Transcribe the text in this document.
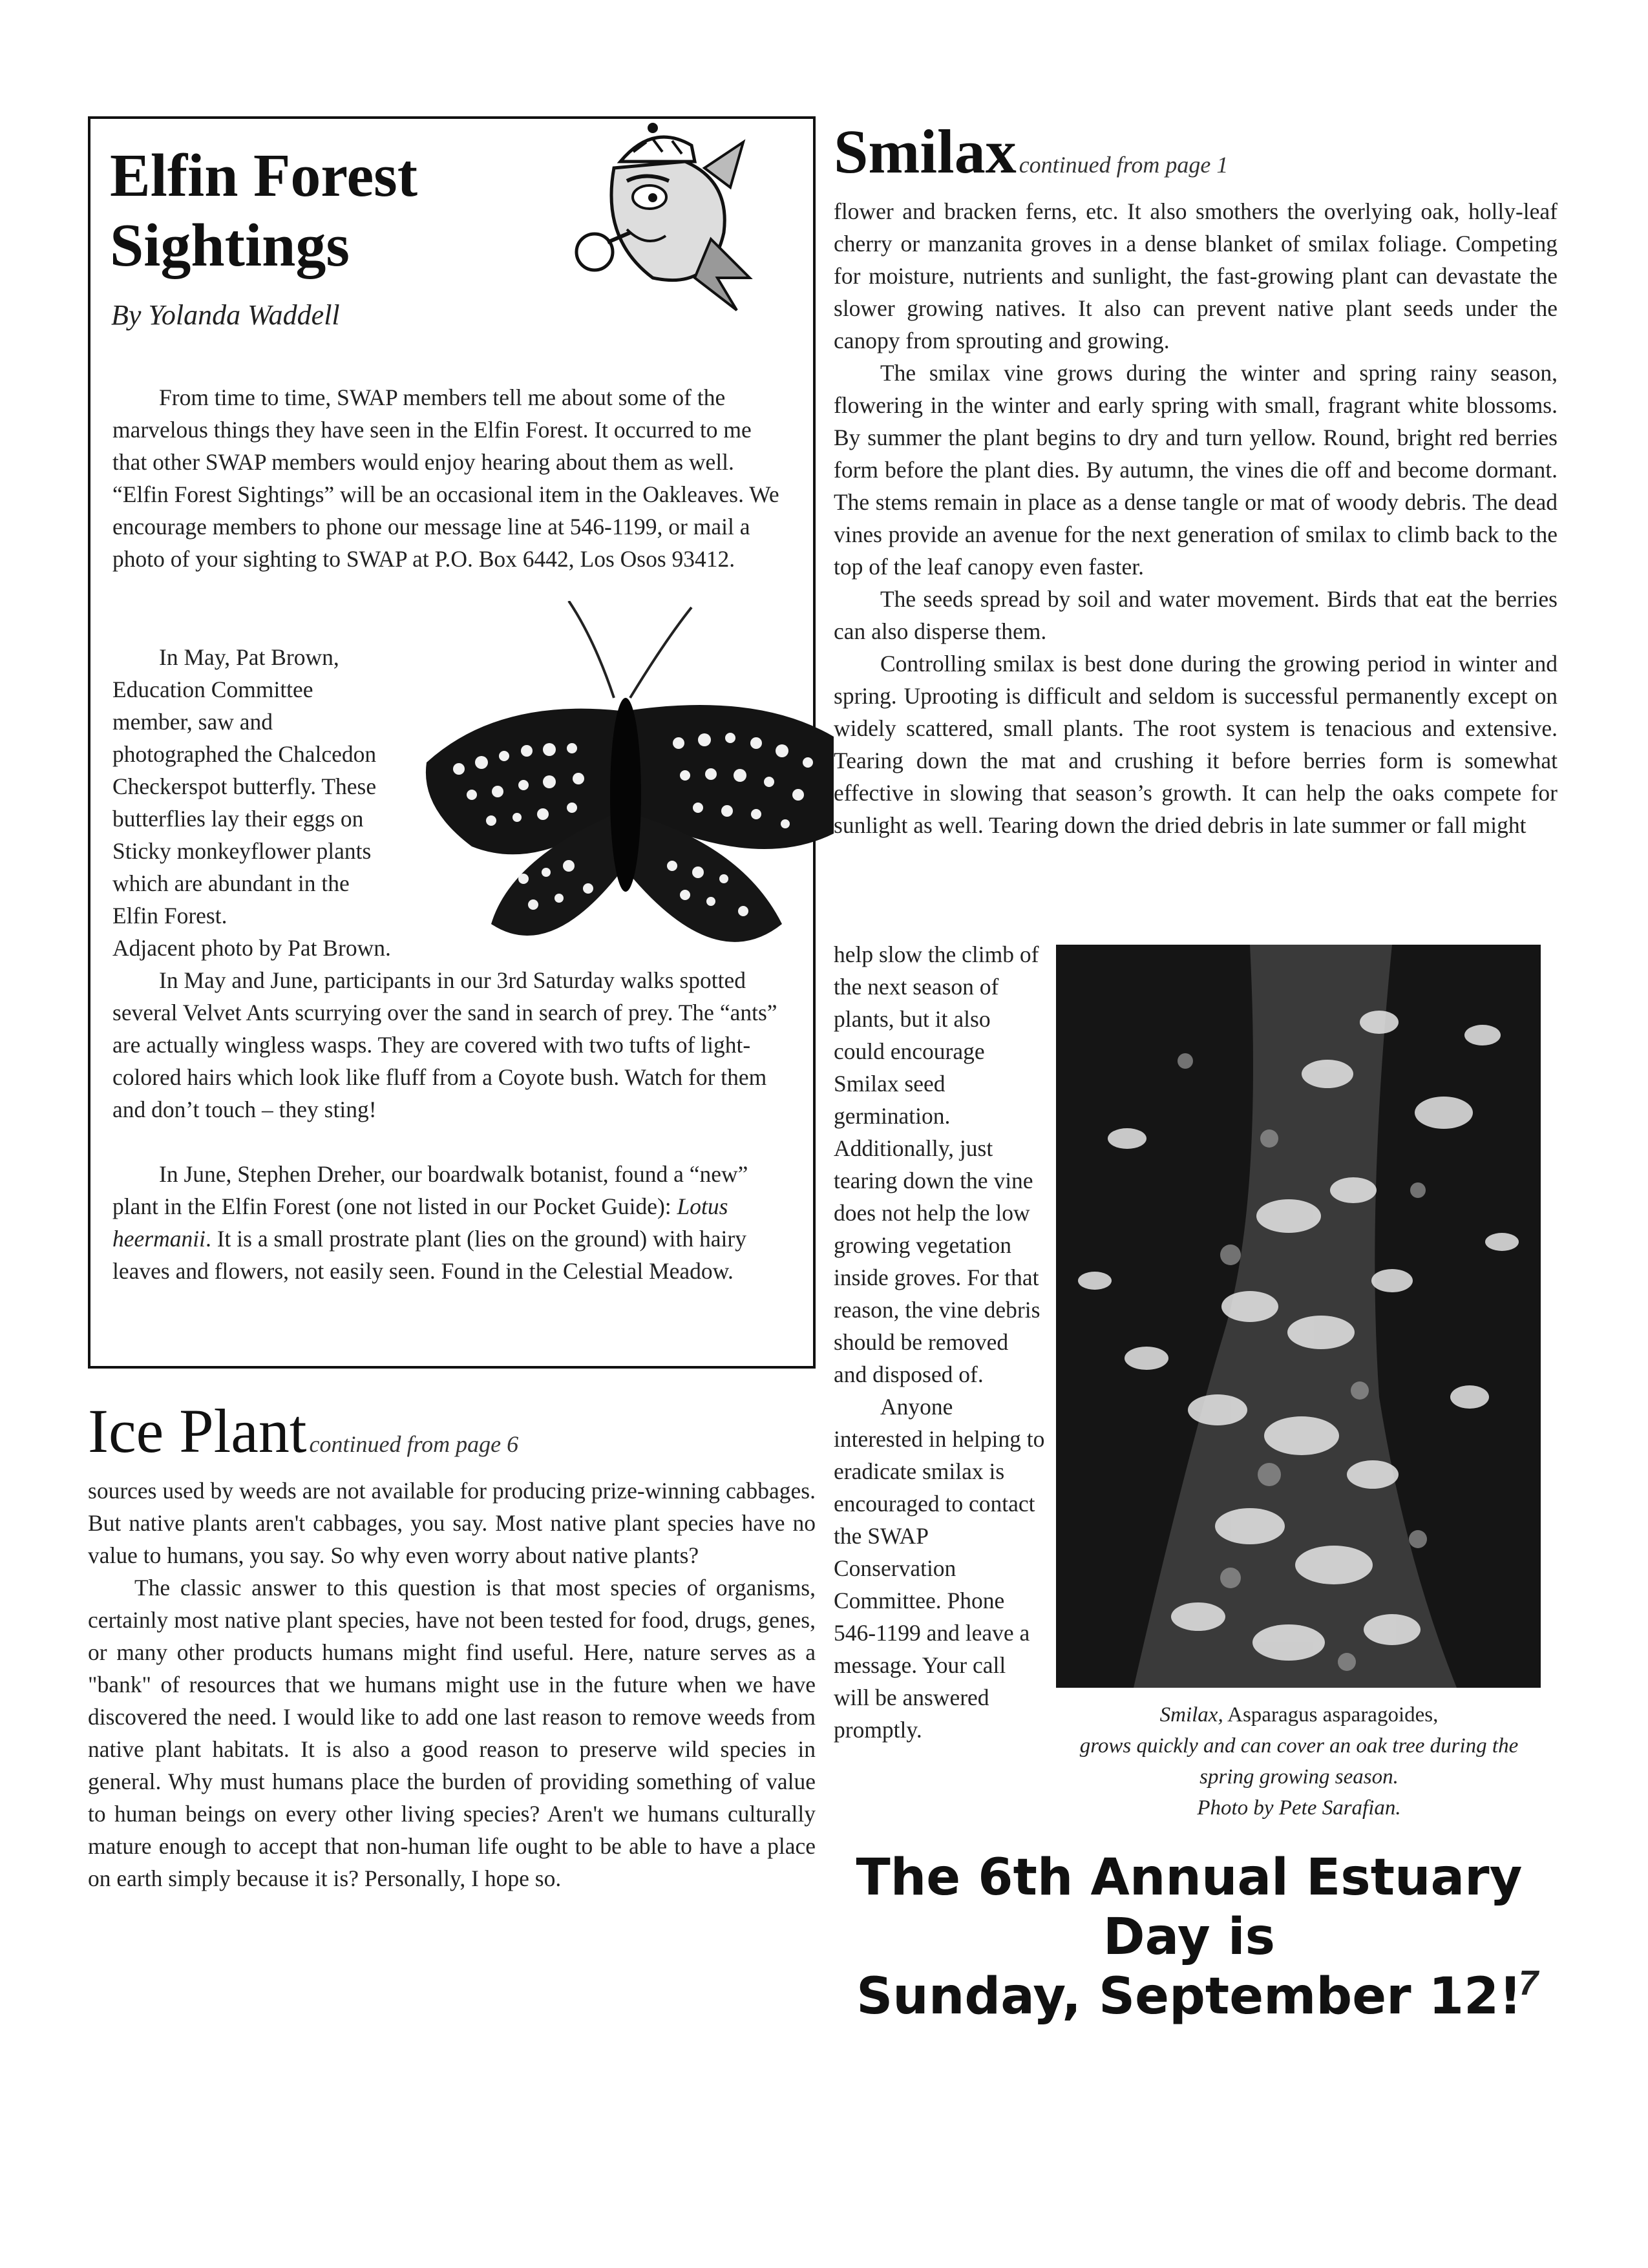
Elfin Forest Sightings
By Yolanda Waddell

From time to time, SWAP members tell me about some of the marvelous things they have seen in the Elfin Forest. It occurred to me that other SWAP members would enjoy hearing about them as well. “Elfin Forest Sightings” will be an occasional item in the Oakleaves. We encourage members to phone our message line at 546-1199, or mail a photo of your sighting to SWAP at P.O. Box 6442, Los Osos 93412.

In May, Pat Brown, Education Committee member, saw and photographed the Chalcedon Checkerspot butterfly. These butterflies lay their eggs on Sticky monkeyflower plants which are abundant in the Elfin Forest.

Adjacent photo by Pat Brown.

In May and June, participants in our 3rd Saturday walks spotted several Velvet Ants scurrying over the sand in search of prey. The “ants” are actually wingless wasps. They are covered with two tufts of light-colored hairs which look like fluff from a Coyote bush. Watch for them and don’t touch – they sting!

In June, Stephen Dreher, our boardwalk botanist, found a “new” plant in the Elfin Forest (one not listed in our Pocket Guide): Lotus heermanii. It is a small prostrate plant (lies on the ground) with hairy leaves and flowers, not easily seen. Found in the Celestial Meadow.

Ice Plant continued from page 6

sources used by weeds are not available for producing prize-winning cabbages. But native plants aren't cabbages, you say. Most native plant species have no value to humans, you say. So why even worry about native plants?

The classic answer to this question is that most species of organisms, certainly most native plant species, have not been tested for food, drugs, genes, or many other products humans might find useful. Here, nature serves as a "bank" of resources that we humans might use in the future when we have discovered the need. I would like to add one last reason to remove weeds from native plant habitats. It is also a good reason to preserve wild species in general. Why must humans place the burden of providing something of value to human beings on every other living species? Aren't we humans culturally mature enough to accept that non-human life ought to be able to have a place on earth simply because it is? Personally, I hope so.

Smilax continued from page 1

flower and bracken ferns, etc. It also smothers the overlying oak, holly-leaf cherry or manzanita groves in a dense blanket of smilax foliage. Competing for moisture, nutrients and sunlight, the fast-growing plant can devastate the slower growing natives. It also can prevent native plant seeds under the canopy from sprouting and growing.

The smilax vine grows during the winter and spring rainy season, flowering in the winter and early spring with small, fragrant white blossoms. By summer the plant begins to dry and turn yellow. Round, bright red berries form before the plant dies. By autumn, the vines die off and become dormant. The stems remain in place as a dense tangle or mat of woody debris. The dead vines provide an avenue for the next generation of smilax to climb back to the top of the leaf canopy even faster.

The seeds spread by soil and water movement. Birds that eat the berries can also disperse them.

Controlling smilax is best done during the growing period in winter and spring. Uprooting is difficult and seldom is successful permanently except on widely scattered, small plants. The root system is tenacious and extensive. Tearing down the mat and crushing it before berries form is somewhat effective in slowing that season’s growth. It can help the oaks compete for sunlight as well. Tearing down the dried debris in late summer or fall might

help slow the climb of the next season of plants, but it also could encourage Smilax seed germination. Additionally, just tearing down the vine does not help the low growing vegetation inside groves. For that reason, the vine debris should be removed and disposed of.

Anyone interested in helping to eradicate smilax is encouraged to contact the SWAP Conservation Committee. Phone 546-1199 and leave a message. Your call will be answered promptly.

Smilax, Asparagus asparagoides,
grows quickly and can cover an oak tree during the spring growing season.
Photo by Pete Sarafian.
The 6th Annual Estuary Day is
Sunday, September 12!
7
